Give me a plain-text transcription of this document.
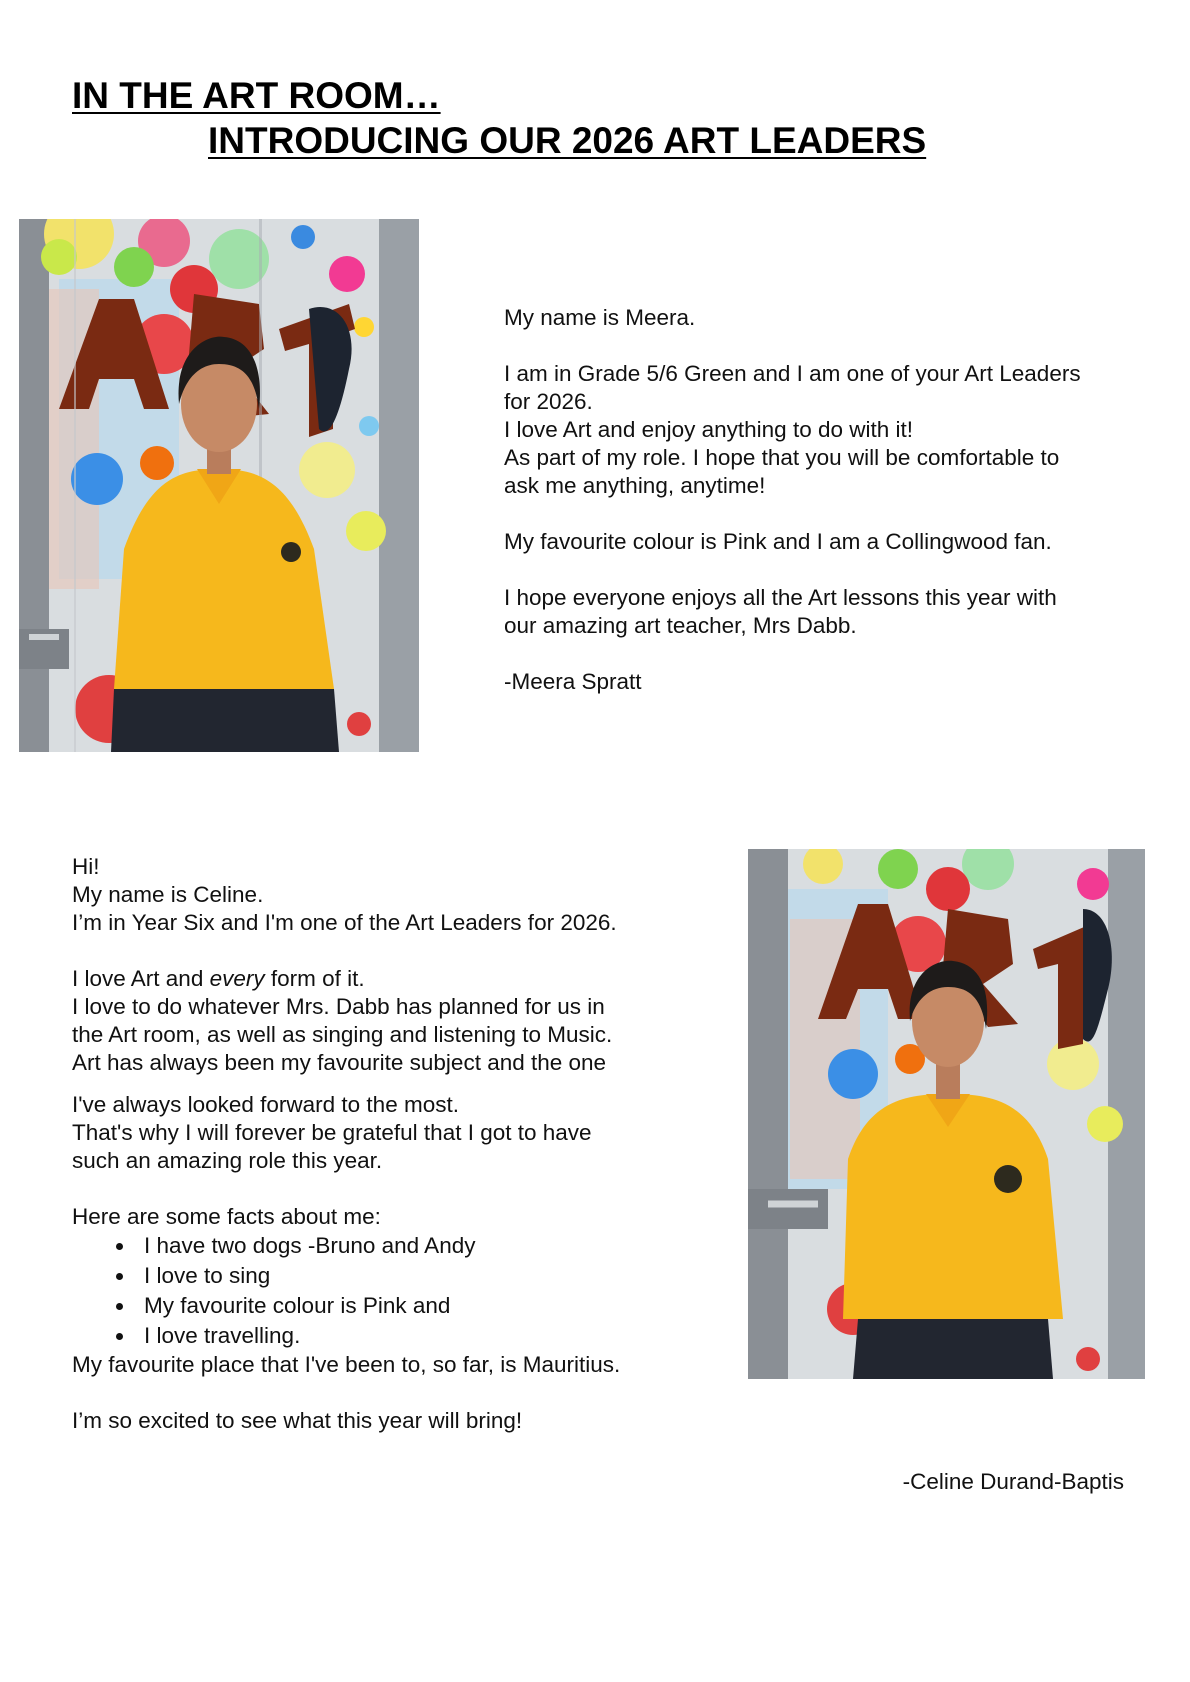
IN THE ART ROOM…
INTRODUCING OUR 2026 ART LEADERS

My name is Meera.

I am in Grade 5/6 Green and I am one of your Art Leaders

for 2026.

I love Art and enjoy anything to do with it!

As part of my role. I hope that you will be comfortable to

ask me anything, anytime!

My favourite colour is Pink and I am a Collingwood fan.

I hope everyone enjoys all the Art lessons this year with

our amazing art teacher, Mrs Dabb.

-Meera Spratt

Hi!

My name is Celine.

I’m in Year Six and I'm one of the Art Leaders for 2026.

I love Art and every form of it.

I love to do whatever Mrs. Dabb has planned for us in

the Art room, as well as singing and listening to Music.

Art has always been my favourite subject and the one

I've always looked forward to the most.

That's why I will forever be grateful that I got to have

such an amazing role this year.

Here are some facts about me:

I have two dogs -Bruno and Andy
I love to sing
My favourite colour is Pink and
I love travelling.

My favourite place that I've been to, so far, is Mauritius.

I’m so excited to see what this year will bring!

-Celine Durand-Baptis
